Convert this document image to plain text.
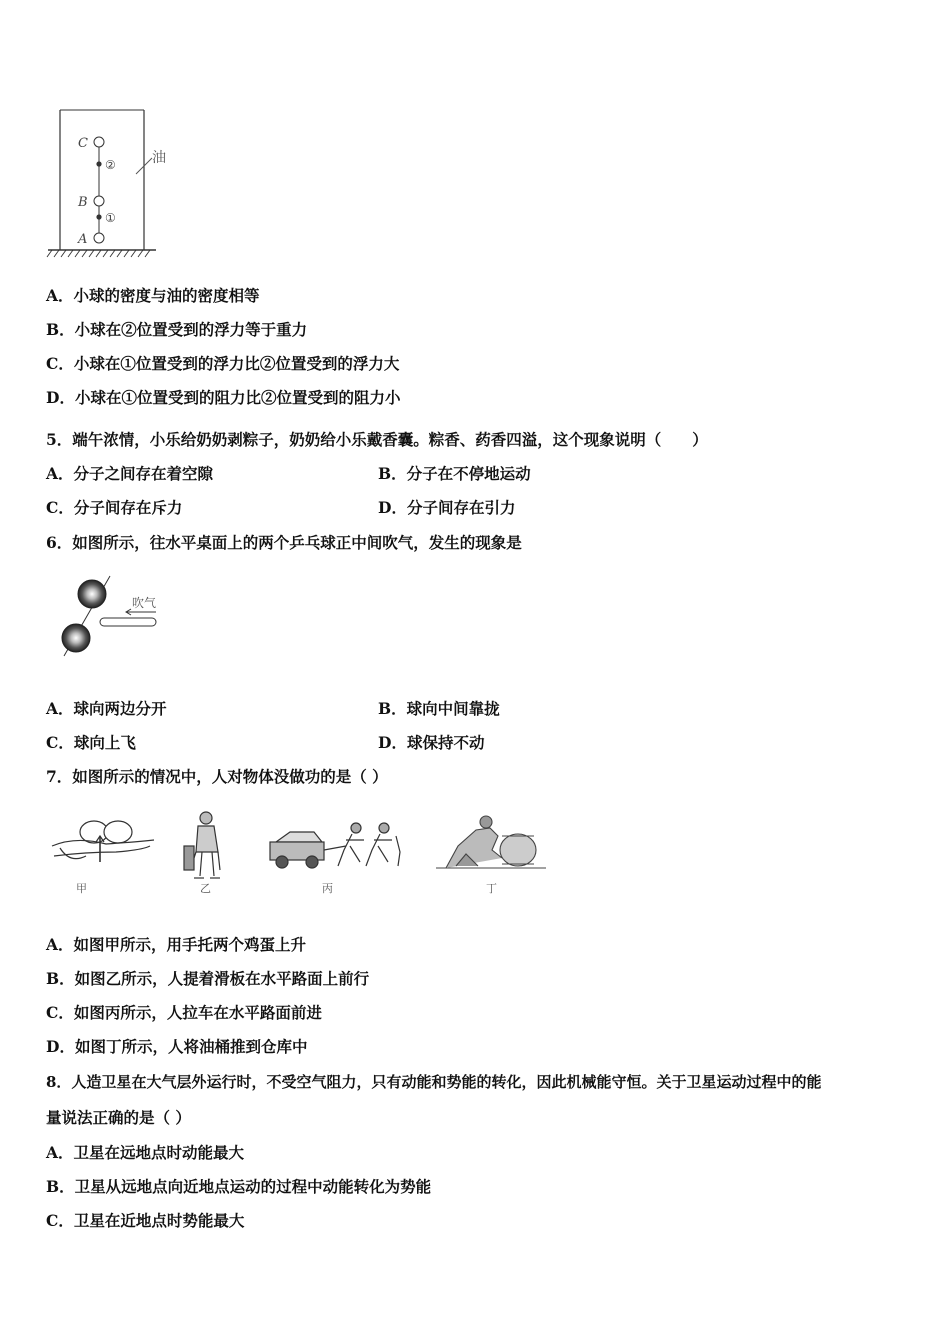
C
B
A
②
①
油
A．小球的密度与油的密度相等
B．小球在②位置受到的浮力等于重力
C．小球在①位置受到的浮力比②位置受到的浮力大
D．小球在①位置受到的阻力比②位置受到的阻力小
5．端午浓情，小乐给奶奶剥粽子，奶奶给小乐戴香囊。粽香、药香四溢，这个现象说明（　　）
A．分子之间存在着空隙	B．分子在不停地运动
C．分子间存在斥力	D．分子间存在引力
6．如图所示，往水平桌面上的两个乒乓球正中间吹气，发生的现象是
吹气
A．球向两边分开	B．球向中间靠拢
C．球向上飞	D．球保持不动
7．如图所示的情况中，人对物体没做功的是（ ）
甲	乙	丙	丁
A．如图甲所示，用手托两个鸡蛋上升
B．如图乙所示，人提着滑板在水平路面上前行
C．如图丙所示，人拉车在水平路面前进
D．如图丁所示，人将油桶推到仓库中
8．人造卫星在大气层外运行时，不受空气阻力，只有动能和势能的转化，因此机械能守恒。关于卫星运动过程中的能
量说法正确的是（ ）
A．卫星在远地点时动能最大
B．卫星从远地点向近地点运动的过程中动能转化为势能
C．卫星在近地点时势能最大
